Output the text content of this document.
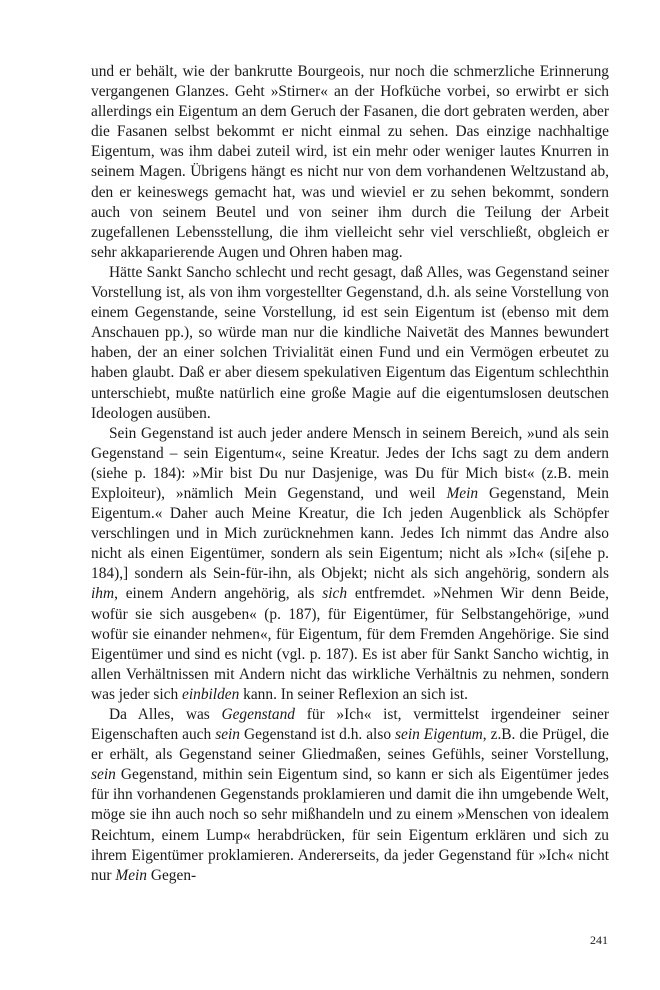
und er behält, wie der bankrutte Bourgeois, nur noch die schmerzliche Erinnerung vergangenen Glanzes. Geht »Stirner« an der Hofküche vorbei, so erwirbt er sich allerdings ein Eigentum an dem Geruch der Fasanen, die dort gebraten werden, aber die Fasanen selbst bekommt er nicht einmal zu sehen. Das einzige nachhaltige Eigentum, was ihm dabei zuteil wird, ist ein mehr oder weniger lautes Knurren in seinem Magen. Übrigens hängt es nicht nur von dem vorhandenen Weltzustand ab, den er keineswegs gemacht hat, was und wieviel er zu sehen bekommt, sondern auch von seinem Beutel und von seiner ihm durch die Teilung der Arbeit zugefallenen Lebensstellung, die ihm vielleicht sehr viel verschließt, obgleich er sehr akkaparierende Augen und Ohren haben mag.

Hätte Sankt Sancho schlecht und recht gesagt, daß Alles, was Gegenstand seiner Vorstellung ist, als von ihm vorgestellter Gegenstand, d.h. als seine Vorstellung von einem Gegenstande, seine Vorstellung, id est sein Eigentum ist (ebenso mit dem Anschauen pp.), so würde man nur die kindliche Naivetät des Mannes bewundert haben, der an einer solchen Trivialität einen Fund und ein Vermögen erbeutet zu haben glaubt. Daß er aber diesem spekulativen Eigentum das Eigentum schlechthin unterschiebt, mußte natürlich eine große Magie auf die eigentumslosen deutschen Ideologen ausüben.

Sein Gegenstand ist auch jeder andere Mensch in seinem Bereich, »und als sein Gegenstand – sein Eigentum«, seine Kreatur. Jedes der Ichs sagt zu dem andern (siehe p. 184): »Mir bist Du nur Dasjenige, was Du für Mich bist« (z.B. mein Exploiteur), »nämlich Mein Gegenstand, und weil Mein Gegenstand, Mein Eigentum.« Daher auch Meine Kreatur, die Ich jeden Augenblick als Schöpfer verschlingen und in Mich zurücknehmen kann. Jedes Ich nimmt das Andre also nicht als einen Eigentümer, sondern als sein Eigentum; nicht als »Ich« (si[ehe p. 184),] sondern als Sein-für-ihn, als Objekt; nicht als sich angehörig, sondern als ihm, einem Andern angehörig, als sich entfremdet. »Nehmen Wir denn Beide, wofür sie sich ausgeben« (p. 187), für Eigentümer, für Selbstangehörige, »und wofür sie einander nehmen«, für Eigentum, für dem Fremden Angehörige. Sie sind Eigentümer und sind es nicht (vgl. p. 187). Es ist aber für Sankt Sancho wichtig, in allen Verhältnissen mit Andern nicht das wirkliche Verhältnis zu nehmen, sondern was jeder sich einbilden kann. In seiner Reflexion an sich ist.

Da Alles, was Gegenstand für »Ich« ist, vermittelst irgendeiner seiner Eigenschaften auch sein Gegenstand ist d.h. also sein Eigentum, z.B. die Prügel, die er erhält, als Gegenstand seiner Gliedmaßen, seines Gefühls, seiner Vorstellung, sein Gegenstand, mithin sein Eigentum sind, so kann er sich als Eigentümer jedes für ihn vorhandenen Gegenstands proklamieren und damit die ihn umgebende Welt, möge sie ihn auch noch so sehr mißhandeln und zu einem »Menschen von idealem Reichtum, einem Lump« herabdrücken, für sein Eigentum erklären und sich zu ihrem Eigentümer proklamieren. Andererseits, da jeder Gegenstand für »Ich« nicht nur Mein Gegen-

241
